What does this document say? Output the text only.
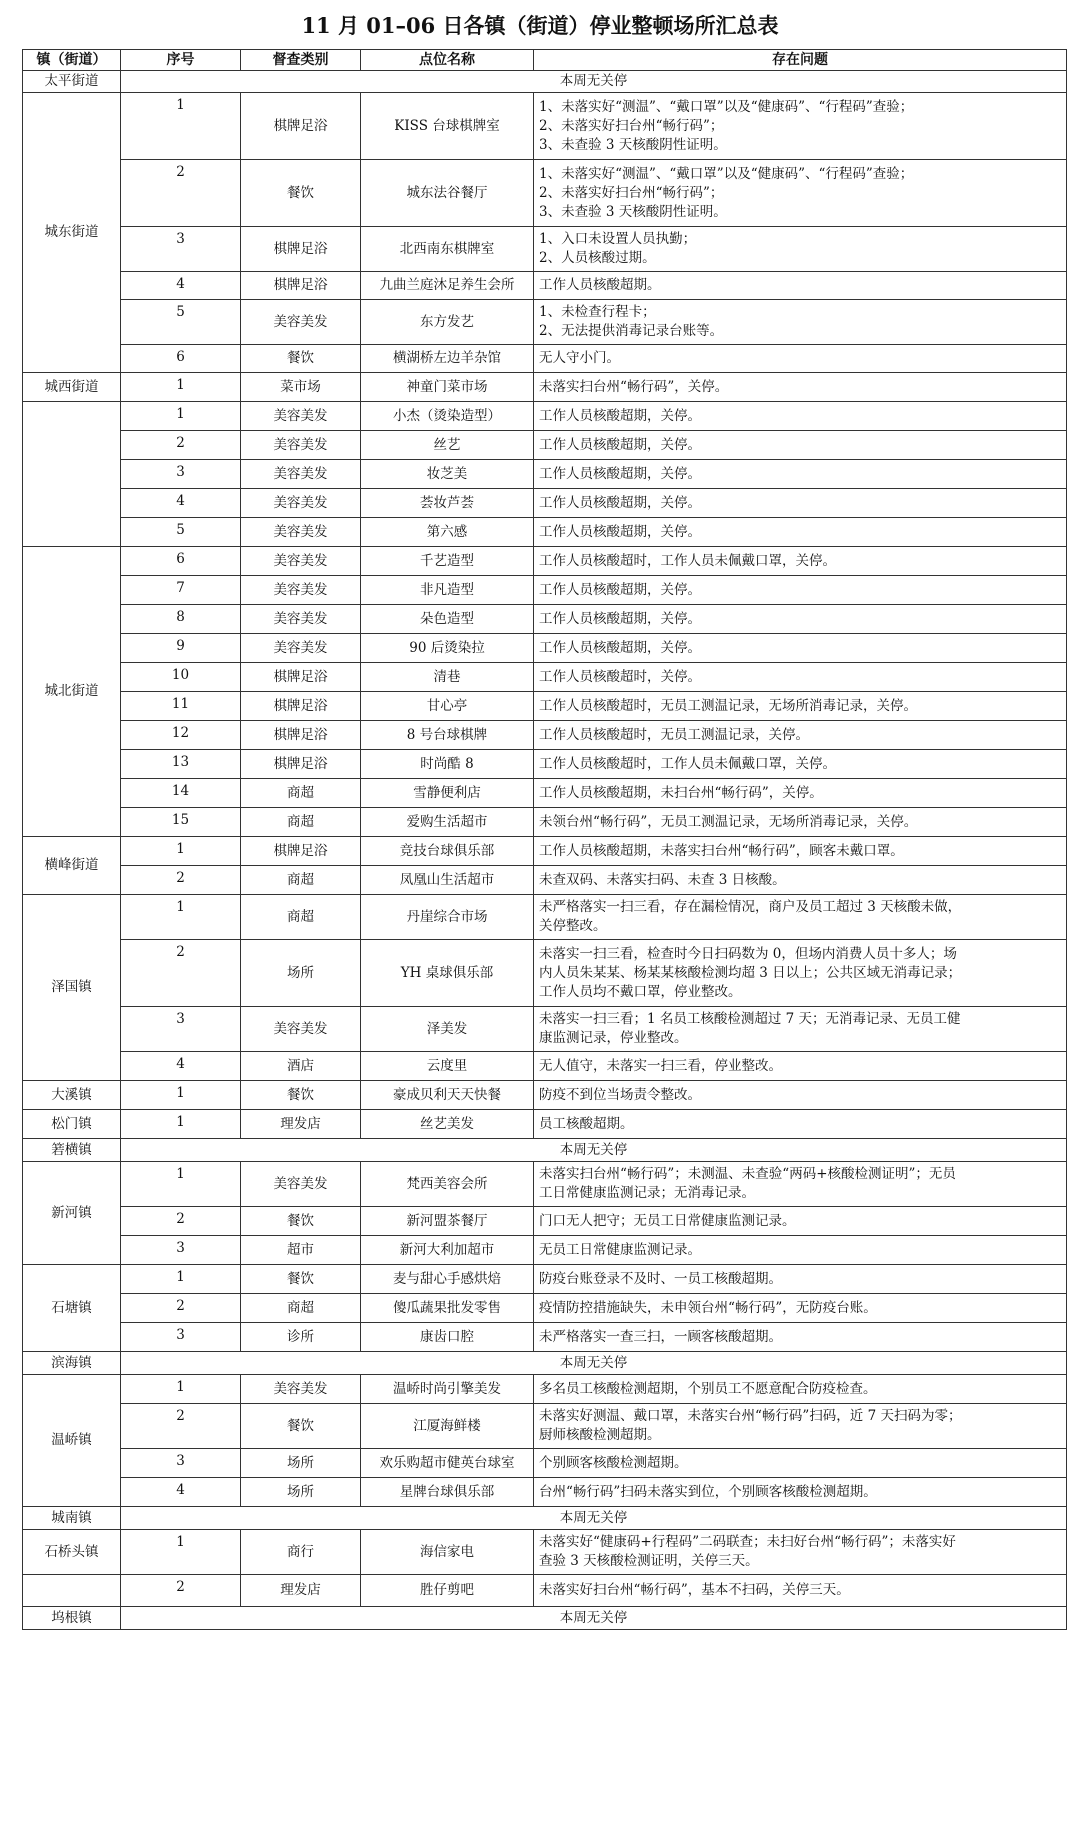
11 月 01–06 日各镇（街道）停业整顿场所汇总表
镇（街道）	序号	督查类别	点位名称	存在问题
太平街道	本周无关停			
城东街道	1	棋牌足浴	KISS 台球棋牌室	1、未落实好“测温”、“戴口罩”以及“健康码”、“行程码”查验；
2、未落实好扫台州“畅行码”；
3、未查验 3 天核酸阴性证明。

	2	餐饮	城东法谷餐厅	1、未落实好“测温”、“戴口罩”以及“健康码”、“行程码”查验；
2、未落实好扫台州“畅行码”；
3、未查验 3 天核酸阴性证明。

	3	棋牌足浴	北西南东棋牌室	1、入口未设置人员执勤；
2、人员核酸过期。

	4	棋牌足浴	九曲兰庭沐足养生会所	工作人员核酸超期。

	5	美容美发	东方发艺	1、未检查行程卡；
2、无法提供消毒记录台账等。

	6	餐饮	横湖桥左边羊杂馆	无人守小门。

城西街道	1	菜市场	神童门菜市场	未落实扫台州“畅行码”，关停。

	1	美容美发	小杰（烫染造型）	工作人员核酸超期，关停。

	2	美容美发	丝艺	工作人员核酸超期，关停。

	3	美容美发	妆芝美	工作人员核酸超期，关停。

	4	美容美发	荟妆芦荟	工作人员核酸超期，关停。

	5	美容美发	第六感	工作人员核酸超期，关停。

城北街道	6	美容美发	千艺造型	工作人员核酸超时，工作人员未佩戴口罩，关停。

	7	美容美发	非凡造型	工作人员核酸超期，关停。

	8	美容美发	朵色造型	工作人员核酸超期，关停。

	9	美容美发	90 后烫染拉	工作人员核酸超期，关停。

	10	棋牌足浴	清巷	工作人员核酸超时，关停。

	11	棋牌足浴	甘心亭	工作人员核酸超时，无员工测温记录，无场所消毒记录，关停。

	12	棋牌足浴	8 号台球棋牌	工作人员核酸超时，无员工测温记录，关停。

	13	棋牌足浴	时尚酷 8	工作人员核酸超时，工作人员未佩戴口罩，关停。

	14	商超	雪静便利店	工作人员核酸超期，未扫台州“畅行码”，关停。

	15	商超	爱购生活超市	未领台州“畅行码”，无员工测温记录，无场所消毒记录，关停。

横峰街道	1	棋牌足浴	竞技台球俱乐部	工作人员核酸超期，未落实扫台州“畅行码”，顾客未戴口罩。

	2	商超	凤凰山生活超市	未查双码、未落实扫码、未查 3 日核酸。

泽国镇	1	商超	丹崖综合市场	未严格落实一扫三看，存在漏检情况，商户及员工超过 3 天核酸未做，
关停整改。

	2	场所	YH 桌球俱乐部	未落实一扫三看，检查时今日扫码数为 0，但场内消费人员十多人；场
内人员朱某某、杨某某核酸检测均超 3 日以上；公共区域无消毒记录；
工作人员均不戴口罩，停业整改。

	3	美容美发	泽美发	未落实一扫三看；1 名员工核酸检测超过 7 天；无消毒记录、无员工健
康监测记录，停业整改。

	4	酒店	云度里	无人值守，未落实一扫三看，停业整改。

大溪镇	1	餐饮	豪成贝利天天快餐	防疫不到位当场责令整改。

松门镇	1	理发店	丝艺美发	员工核酸超期。

箬横镇	本周无关停			
新河镇	1	美容美发	梵西美容会所	未落实扫台州“畅行码”；未测温、未查验“两码+核酸检测证明”；无员
工日常健康监测记录；无消毒记录。

	2	餐饮	新河盟茶餐厅	门口无人把守；无员工日常健康监测记录。

	3	超市	新河大利加超市	无员工日常健康监测记录。

石塘镇	1	餐饮	麦与甜心手感烘焙	防疫台账登录不及时、一员工核酸超期。

	2	商超	傻瓜蔬果批发零售	疫情防控措施缺失，未申领台州“畅行码”，无防疫台账。

	3	诊所	康齿口腔	未严格落实一查三扫，一顾客核酸超期。

滨海镇	本周无关停			
温峤镇	1	美容美发	温峤时尚引擎美发	多名员工核酸检测超期，个别员工不愿意配合防疫检查。

	2	餐饮	江厦海鲜楼	未落实好测温、戴口罩，未落实台州“畅行码”扫码，近 7 天扫码为零；
厨师核酸检测超期。

	3	场所	欢乐购超市健英台球室	个别顾客核酸检测超期。

	4	场所	星牌台球俱乐部	台州“畅行码”扫码未落实到位，个别顾客核酸检测超期。

城南镇	本周无关停			
石桥头镇	1	商行	海信家电	未落实好“健康码+行程码”二码联查；未扫好台州“畅行码”；未落实好
查验 3 天核酸检测证明，关停三天。

	2	理发店	胜仔剪吧	未落实好扫台州“畅行码”，基本不扫码，关停三天。

坞根镇	本周无关停			
